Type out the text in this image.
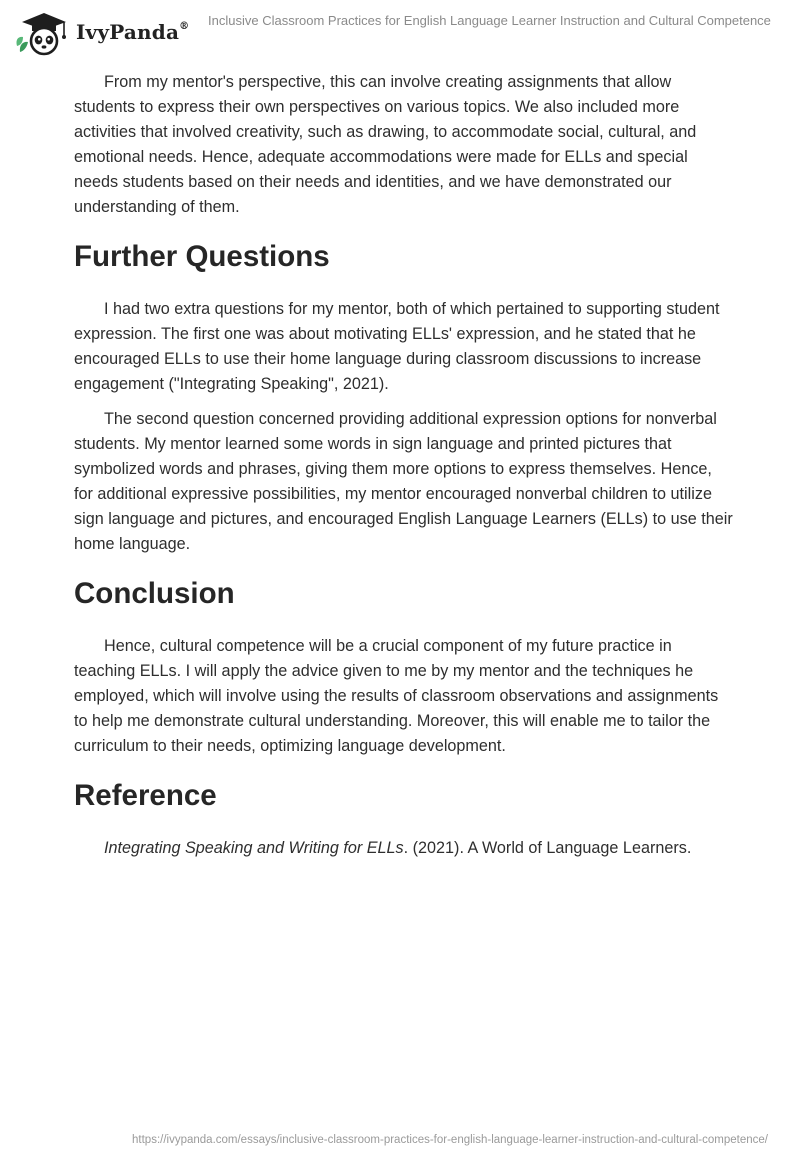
IvyPanda® Inclusive Classroom Practices for English Language Learner Instruction and Cultural Competence

From my mentor's perspective, this can involve creating assignments that allow students to express their own perspectives on various topics. We also included more activities that involved creativity, such as drawing, to accommodate social, cultural, and emotional needs. Hence, adequate accommodations were made for ELLs and special needs students based on their needs and identities, and we have demonstrated our understanding of them.

Further Questions

I had two extra questions for my mentor, both of which pertained to supporting student expression. The first one was about motivating ELLs' expression, and he stated that he encouraged ELLs to use their home language during classroom discussions to increase engagement ("Integrating Speaking", 2021).

The second question concerned providing additional expression options for nonverbal students. My mentor learned some words in sign language and printed pictures that symbolized words and phrases, giving them more options to express themselves. Hence, for additional expressive possibilities, my mentor encouraged nonverbal children to utilize sign language and pictures, and encouraged English Language Learners (ELLs) to use their home language.

Conclusion

Hence, cultural competence will be a crucial component of my future practice in teaching ELLs. I will apply the advice given to me by my mentor and the techniques he employed, which will involve using the results of classroom observations and assignments to help me demonstrate cultural understanding. Moreover, this will enable me to tailor the curriculum to their needs, optimizing language development.

Reference

Integrating Speaking and Writing for ELLs. (2021). A World of Language Learners.

https://ivypanda.com/essays/inclusive-classroom-practices-for-english-language-learner-instruction-and-cultural-competence/
